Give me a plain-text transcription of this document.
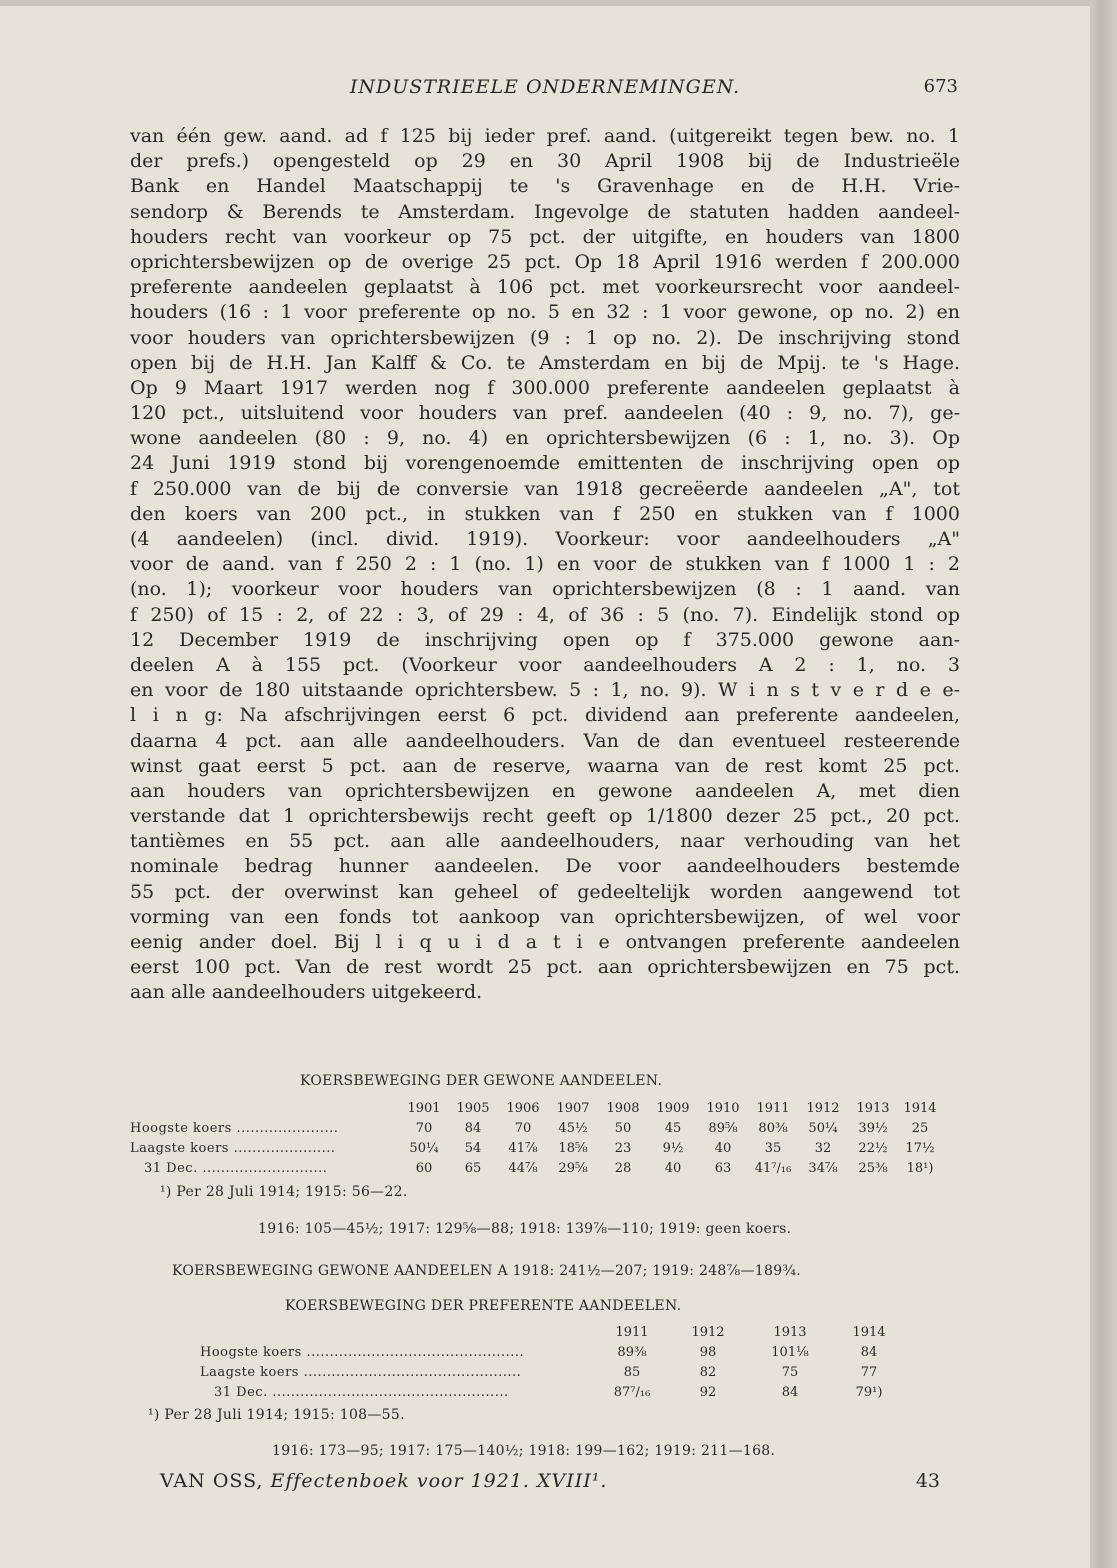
INDUSTRIEELE ONDERNEMINGEN.	673
van één gew. aand. ad f 125 bij ieder pref. aand. (uitgereikt tegen bew. no. 1
der prefs.) opengesteld op 29 en 30 April 1908 bij de Industrieële
Bank en Handel Maatschappij te 's Gravenhage en de H.H. Vrie-
sendorp & Berends te Amsterdam. Ingevolge de statuten hadden aandeel-
houders recht van voorkeur op 75 pct. der uitgifte, en houders van 1800
oprichtersbewijzen op de overige 25 pct. Op 18 April 1916 werden f 200.000
preferente aandeelen geplaatst à 106 pct. met voorkeursrecht voor aandeel-
houders (16 : 1 voor preferente op no. 5 en 32 : 1 voor gewone, op no. 2) en
voor houders van oprichtersbewijzen (9 : 1 op no. 2). De inschrijving stond
open bij de H.H. Jan Kalff & Co. te Amsterdam en bij de Mpij. te 's Hage.
Op 9 Maart 1917 werden nog f 300.000 preferente aandeelen geplaatst à
120 pct., uitsluitend voor houders van pref. aandeelen (40 : 9, no. 7), ge-
wone aandeelen (80 : 9, no. 4) en oprichtersbewijzen (6 : 1, no. 3). Op
24 Juni 1919 stond bij vorengenoemde emittenten de inschrijving open op
f 250.000 van de bij de conversie van 1918 gecreëerde aandeelen „A", tot
den koers van 200 pct., in stukken van f 250 en stukken van f 1000
(4 aandeelen) (incl. divid. 1919). Voorkeur: voor aandeelhouders „A"
voor de aand. van f 250 2 : 1 (no. 1) en voor de stukken van f 1000 1 : 2
(no. 1); voorkeur voor houders van oprichtersbewijzen (8 : 1 aand. van
f 250) of 15 : 2, of 22 : 3, of 29 : 4, of 36 : 5 (no. 7). Eindelijk stond op
12 December 1919 de inschrijving open op f 375.000 gewone aan-
deelen A à 155 pct. (Voorkeur voor aandeelhouders A 2 : 1, no. 3
en voor de 180 uitstaande oprichtersbew. 5 : 1, no. 9). W i n s t v e r d e e-
l i n g: Na afschrijvingen eerst 6 pct. dividend aan preferente aandeelen,
daarna 4 pct. aan alle aandeelhouders. Van de dan eventueel resteerende
winst gaat eerst 5 pct. aan de reserve, waarna van de rest komt 25 pct.
aan houders van oprichtersbewijzen en gewone aandeelen A, met dien
verstande dat 1 oprichtersbewijs recht geeft op 1/1800 dezer 25 pct., 20 pct.
tantièmes en 55 pct. aan alle aandeelhouders, naar verhouding van het
nominale bedrag hunner aandeelen. De voor aandeelhouders bestemde
55 pct. der overwinst kan geheel of gedeeltelijk worden aangewend tot
vorming van een fonds tot aankoop van oprichtersbewijzen, of wel voor
eenig ander doel. Bij l i q u i d a t i e ontvangen preferente aandeelen
eerst 100 pct. Van de rest wordt 25 pct. aan oprichtersbewijzen en 75 pct.
aan alle aandeelhouders uitgekeerd.
KOERSBEWEGING DER GEWONE AANDEELEN.
	1901	1905	1906	1907	1908	1909	1910	1911	1912	1913	1914
Hoogste koers ......................	70	84	70	45½	50	45	89⅝	80⅜	50¼	39½	25
Laagste koers ......................	50¼	54	41⅞	18⅝	23	9½	40	35	32	22½	17½
31 Dec. ...........................	60	65	44⅞	29⅝	28	40	63	41⁷/₁₆	34⅞	25⅜	18¹)
¹) Per 28 Juli 1914; 1915: 56—22.
1916: 105—45½; 1917: 129⅝—88; 1918: 139⅞—110; 1919: geen koers.
KOERSBEWEGING GEWONE AANDEELEN A 1918: 241½—207; 1919: 248⅞—189¾.
KOERSBEWEGING DER PREFERENTE AANDEELEN.
	1911	1912	1913	1914
Hoogste koers ...............................................	89⅜	98	101⅛	84
Laagste koers ...............................................	85	82	75	77
31 Dec. ...................................................	87⁷/₁₆	92	84	79¹)
¹) Per 28 Juli 1914; 1915: 108—55.
1916: 173—95; 1917: 175—140½; 1918: 199—162; 1919: 211—168.
VAN OSS, Effectenboek voor 1921. XVIII¹.	43
